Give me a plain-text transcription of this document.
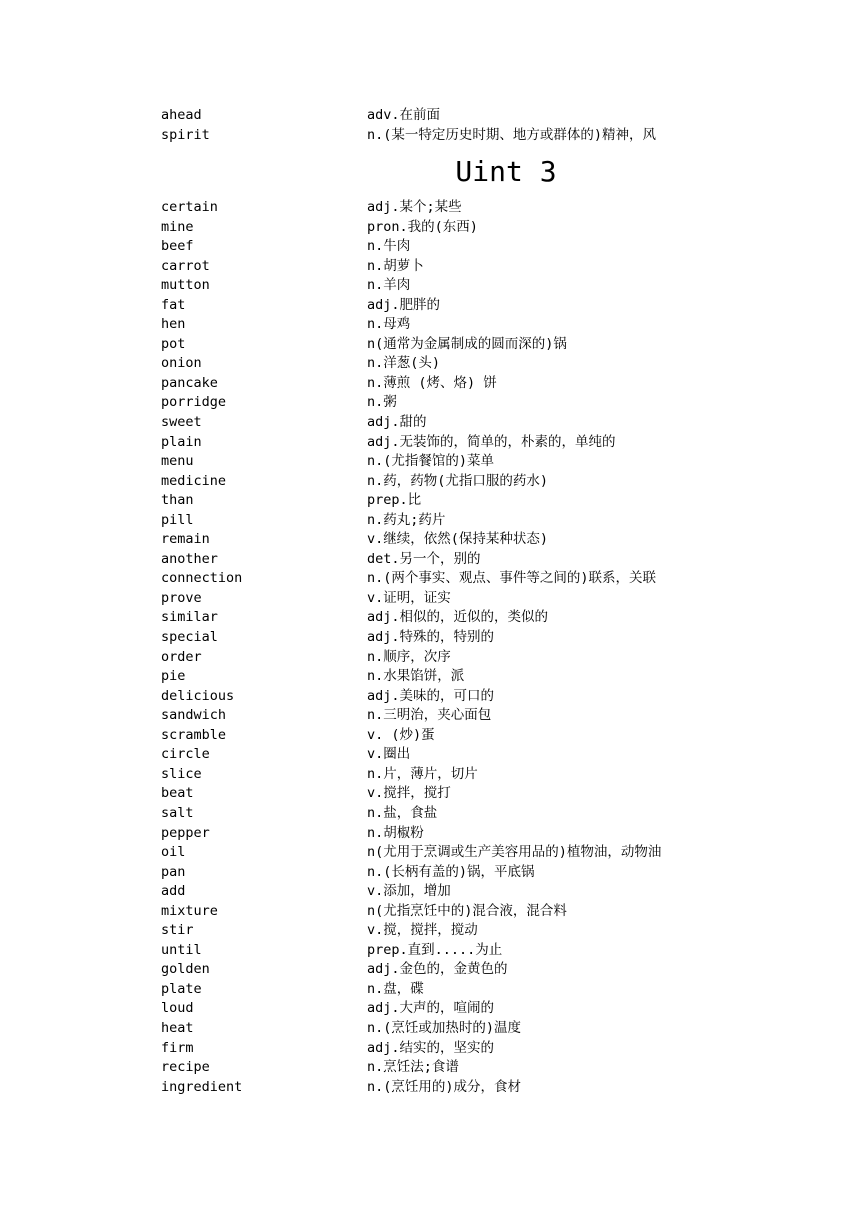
ahead	adv.在前面
spirit	n.(某一特定历史时期、地方或群体的)精神，风
Uint 3
certain	adj.某个;某些
mine	pron.我的(东西)
beef	n.牛肉
carrot	n.胡萝卜
mutton	n.羊肉
fat	adj.肥胖的
hen	n.母鸡
pot	n(通常为金属制成的圆而深的)锅
onion	n.洋葱(头)
pancake	n.薄煎 (烤、烙) 饼
porridge	n.粥
sweet	adj.甜的
plain	adj.无装饰的，简单的，朴素的，单纯的
menu	n.(尤指餐馆的)菜单
medicine	n.药，药物(尤指口服的药水)
than	prep.比
pill	n.药丸;药片
remain	v.继续，依然(保持某种状态)
another	det.另一个，别的
connection	n.(两个事实、观点、事件等之间的)联系，关联
prove	v.证明，证实
similar	adj.相似的，近似的，类似的
special	adj.特殊的，特别的
order	n.顺序，次序
pie	n.水果馅饼，派
delicious	adj.美味的，可口的
sandwich	n.三明治，夹心面包
scramble	v. (炒)蛋
circle	v.圈出
slice	n.片，薄片，切片
beat	v.搅拌，搅打
salt	n.盐，食盐
pepper	n.胡椒粉
oil	n(尤用于烹调或生产美容用品的)植物油，动物油
pan	n.(长柄有盖的)锅，平底锅
add	v.添加，增加
mixture	n(尤指烹饪中的)混合液，混合料
stir	v.搅，搅拌，搅动
until	prep.直到.....为止
golden	adj.金色的，金黄色的
plate	n.盘，碟
loud	adj.大声的，喧闹的
heat	n.(烹饪或加热时的)温度
firm	adj.结实的，坚实的
recipe	n.烹饪法;食谱
ingredient	n.(烹饪用的)成分，食材
